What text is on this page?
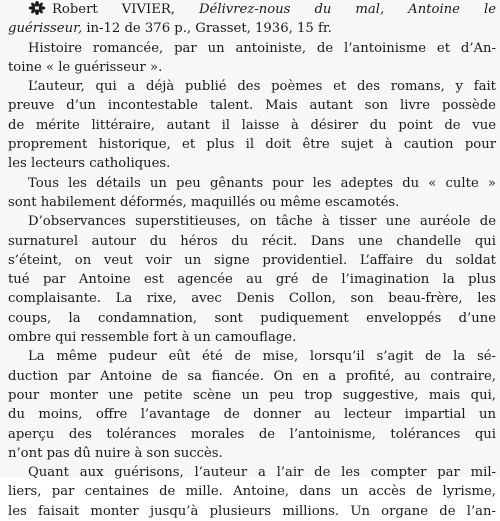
Robert VIVIER, Délivrez-nous du mal, Antoine le
guérisseur, in-12 de 376 p., Grasset, 1936, 15 fr.
Histoire romancée, par un antoiniste, de l’antoinisme et d’An-
toine « le guérisseur ».
L’auteur, qui a déjà publié des poèmes et des romans, y fait
preuve d’un incontestable talent. Mais autant son livre possède
de mérite littéraire, autant il laisse à désirer du point de vue
proprement historique, et plus il doit être sujet à caution pour
les lecteurs catholiques.
Tous les détails un peu gênants pour les adeptes du « culte »
sont habilement déformés, maquillés ou même escamotés.
D’observances superstitieuses, on tâche à tisser une auréole de
surnaturel autour du héros du récit. Dans une chandelle qui
s’éteint, on veut voir un signe providentiel. L’affaire du soldat
tué par Antoine est agencée au gré de l’imagination la plus
complaisante. La rixe, avec Denis Collon, son beau-frère, les
coups, la condamnation, sont pudiquement enveloppés d’une
ombre qui ressemble fort à un camouflage.
La même pudeur eût été de mise, lorsqu’il s’agit de la sé-
duction par Antoine de sa fiancée. On en a profité, au contraire,
pour monter une petite scène un peu trop suggestive, mais qui,
du moins, offre l’avantage de donner au lecteur impartial un
aperçu des tolérances morales de l’antoinisme, tolérances qui
n’ont pas dû nuire à son succès.
Quant aux guérisons, l’auteur a l’air de les compter par mil-
liers, par centaines de mille. Antoine, dans un accès de lyrisme,
les faisait monter jusqu’à plusieurs millions. Un organe de l’an-
